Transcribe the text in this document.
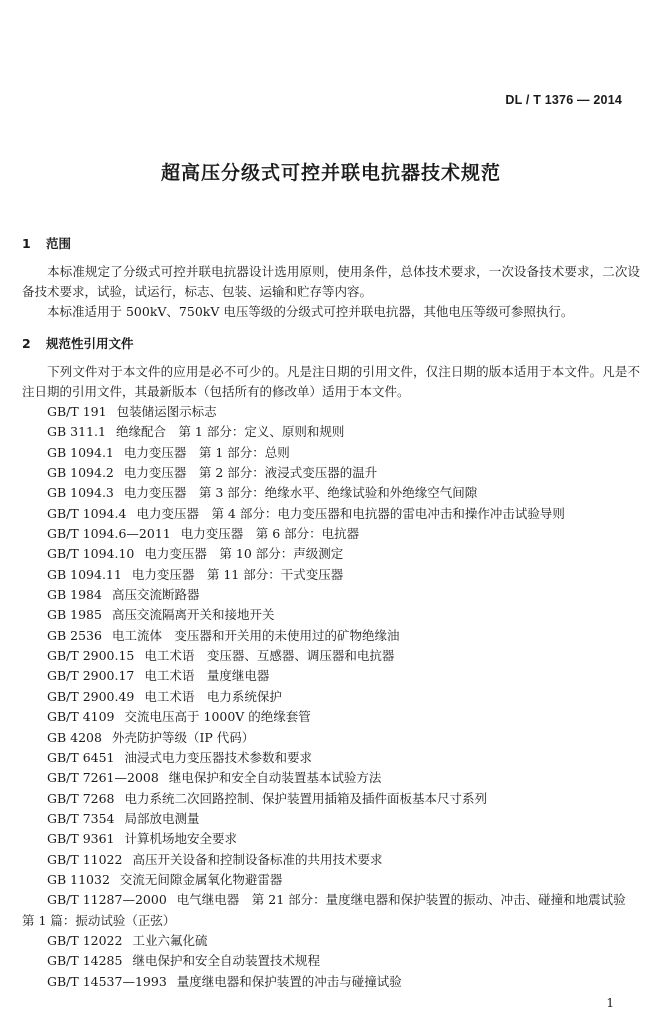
DL / T 1376 — 2014
超高压分级式可控并联电抗器技术规范
1 范围
本标准规定了分级式可控并联电抗器设计选用原则，使用条件，总体技术要求，一次设备技术要求，二次设备技术要求，试验，试运行，标志、包装、运输和贮存等内容。
本标准适用于 500kV、750kV 电压等级的分级式可控并联电抗器，其他电压等级可参照执行。
2 规范性引用文件
下列文件对于本文件的应用是必不可少的。凡是注日期的引用文件，仅注日期的版本适用于本文件。凡是不注日期的引用文件，其最新版本（包括所有的修改单）适用于本文件。
GB/T 191 包装储运图示标志
GB 311.1 绝缘配合　第 1 部分：定义、原则和规则
GB 1094.1 电力变压器　第 1 部分：总则
GB 1094.2 电力变压器　第 2 部分：液浸式变压器的温升
GB 1094.3 电力变压器　第 3 部分：绝缘水平、绝缘试验和外绝缘空气间隙
GB/T 1094.4 电力变压器　第 4 部分：电力变压器和电抗器的雷电冲击和操作冲击试验导则
GB/T 1094.6—2011 电力变压器　第 6 部分：电抗器
GB/T 1094.10 电力变压器　第 10 部分：声级测定
GB 1094.11 电力变压器　第 11 部分：干式变压器
GB 1984 高压交流断路器
GB 1985 高压交流隔离开关和接地开关
GB 2536 电工流体　变压器和开关用的未使用过的矿物绝缘油
GB/T 2900.15 电工术语　变压器、互感器、调压器和电抗器
GB/T 2900.17 电工术语　量度继电器
GB/T 2900.49 电工术语　电力系统保护
GB/T 4109 交流电压高于 1000V 的绝缘套管
GB 4208 外壳防护等级（IP 代码）
GB/T 6451 油浸式电力变压器技术参数和要求
GB/T 7261—2008 继电保护和安全自动装置基本试验方法
GB/T 7268 电力系统二次回路控制、保护装置用插箱及插件面板基本尺寸系列
GB/T 7354 局部放电测量
GB/T 9361 计算机场地安全要求
GB/T 11022 高压开关设备和控制设备标准的共用技术要求
GB 11032 交流无间隙金属氧化物避雷器
GB/T 11287—2000 电气继电器　第 21 部分：量度继电器和保护装置的振动、冲击、碰撞和地震试验　第 1 篇：振动试验（正弦）
GB/T 12022 工业六氟化硫
GB/T 14285 继电保护和安全自动装置技术规程
GB/T 14537—1993 量度继电器和保护装置的冲击与碰撞试验
1
